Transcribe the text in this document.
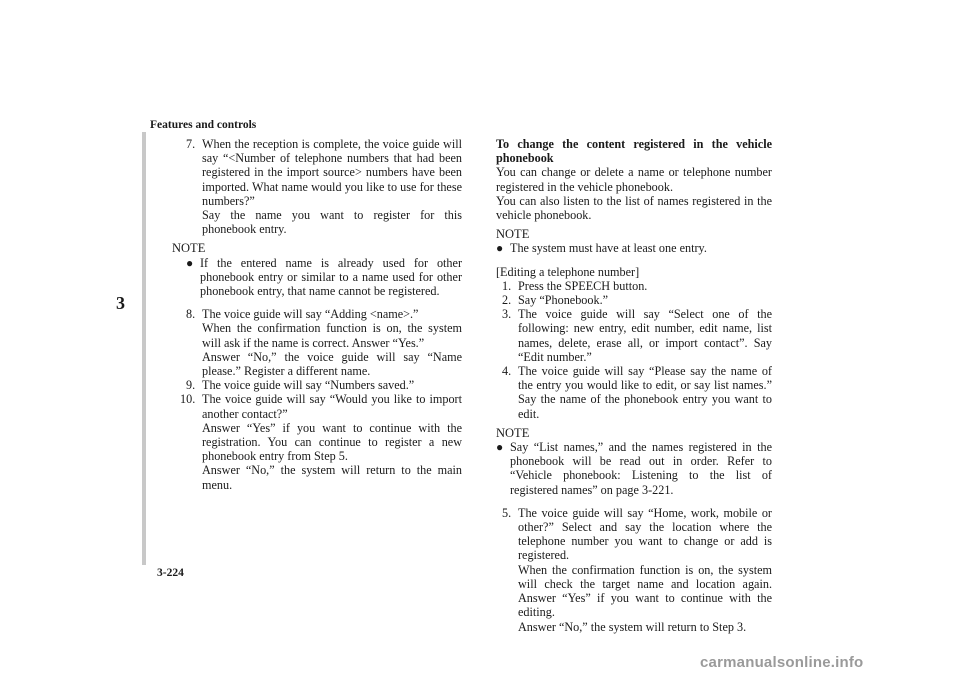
Features and controls
3
3-224

7. When the reception is complete, the voice guide will say “<Number of telephone numbers that had been registered in the import source> numbers have been imported. What name would you like to use for these numbers?”

Say the name you want to register for this phonebook entry.

NOTE

● If the entered name is already used for other phonebook entry or similar to a name used for other phonebook entry, that name cannot be registered.

8. The voice guide will say “Adding <name>.”

When the confirmation function is on, the system will ask if the name is correct. Answer “Yes.”

Answer “No,” the voice guide will say “Name please.” Register a different name.

9. The voice guide will say “Numbers saved.”

10. The voice guide will say “Would you like to import another contact?”

Answer “Yes” if you want to continue with the registration. You can continue to register a new phonebook entry from Step 5.

Answer “No,” the system will return to the main menu.

To change the content registered in the vehicle phonebook

You can change or delete a name or telephone number registered in the vehicle phonebook.

You can also listen to the list of names registered in the vehicle phonebook.

NOTE

● The system must have at least one entry.

[Editing a telephone number]

1. Press the SPEECH button.

2. Say “Phonebook.”

3. The voice guide will say “Select one of the following: new entry, edit number, edit name, list names, delete, erase all, or import contact”. Say “Edit number.”

4. The voice guide will say “Please say the name of the entry you would like to edit, or say list names.” Say the name of the phonebook entry you want to edit.

NOTE

● Say “List names,” and the names registered in the phonebook will be read out in order. Refer to “Vehicle phonebook: Listening to the list of registered names” on page 3-221.

5. The voice guide will say “Home, work, mobile or other?” Select and say the location where the telephone number you want to change or add is registered.

When the confirmation function is on, the system will check the target name and location again. Answer “Yes” if you want to continue with the editing.

Answer “No,” the system will return to Step 3.

carmanualsonline.info
